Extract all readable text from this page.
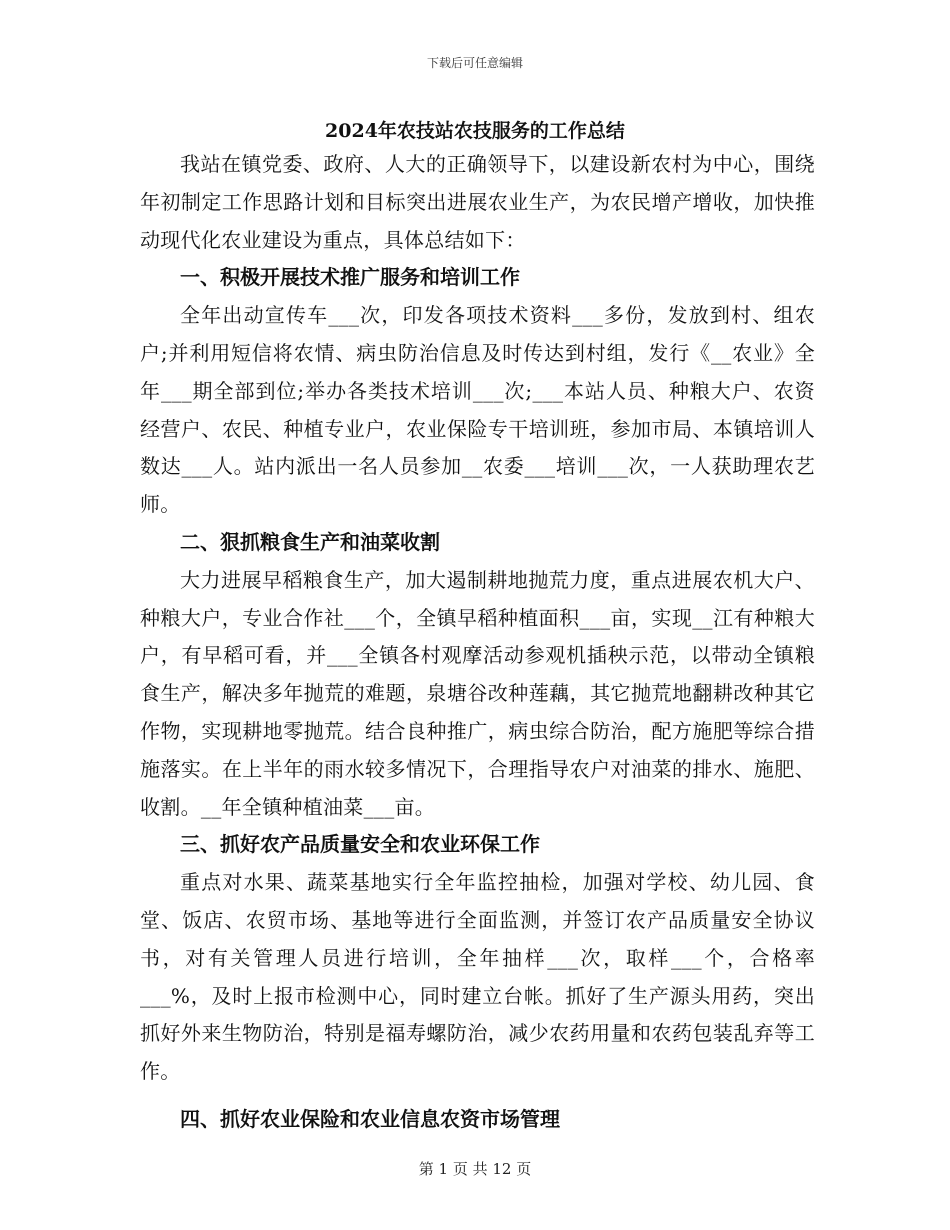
下载后可任意编辑
2024年农技站农技服务的工作总结

我站在镇党委、政府、人大的正确领导下，以建设新农村为中心，围绕年初制定工作思路计划和目标突出进展农业生产，为农民增产增收，加快推动现代化农业建设为重点，具体总结如下：

一、积极开展技术推广服务和培训工作

全年出动宣传车___次，印发各项技术资料___多份，发放到村、组农户;并利用短信将农情、病虫防治信息及时传达到村组，发行《__农业》全年___期全部到位;举办各类技术培训___次;___本站人员、种粮大户、农资经营户、农民、种植专业户，农业保险专干培训班，参加市局、本镇培训人数达___人。站内派出一名人员参加__农委___培训___次，一人获助理农艺师。

二、狠抓粮食生产和油菜收割

大力进展早稻粮食生产，加大遏制耕地抛荒力度，重点进展农机大户、种粮大户，专业合作社___个，全镇早稻种植面积___亩，实现__江有种粮大户，有早稻可看，并___全镇各村观摩活动参观机插秧示范，以带动全镇粮食生产，解决多年抛荒的难题，泉塘谷改种莲藕，其它抛荒地翻耕改种其它作物，实现耕地零抛荒。结合良种推广，病虫综合防治，配方施肥等综合措施落实。在上半年的雨水较多情况下，合理指导农户对油菜的排水、施肥、收割。__年全镇种植油菜___亩。

三、抓好农产品质量安全和农业环保工作

重点对水果、蔬菜基地实行全年监控抽检，加强对学校、幼儿园、食堂、饭店、农贸市场、基地等进行全面监测，并签订农产品质量安全协议书，对有关管理人员进行培训，全年抽样___次，取样___个，合格率___%，及时上报市检测中心，同时建立台帐。抓好了生产源头用药，突出抓好外来生物防治，特别是福寿螺防治，减少农药用量和农药包装乱弃等工作。

四、抓好农业保险和农业信息农资市场管理

第 1 页 共 12 页
